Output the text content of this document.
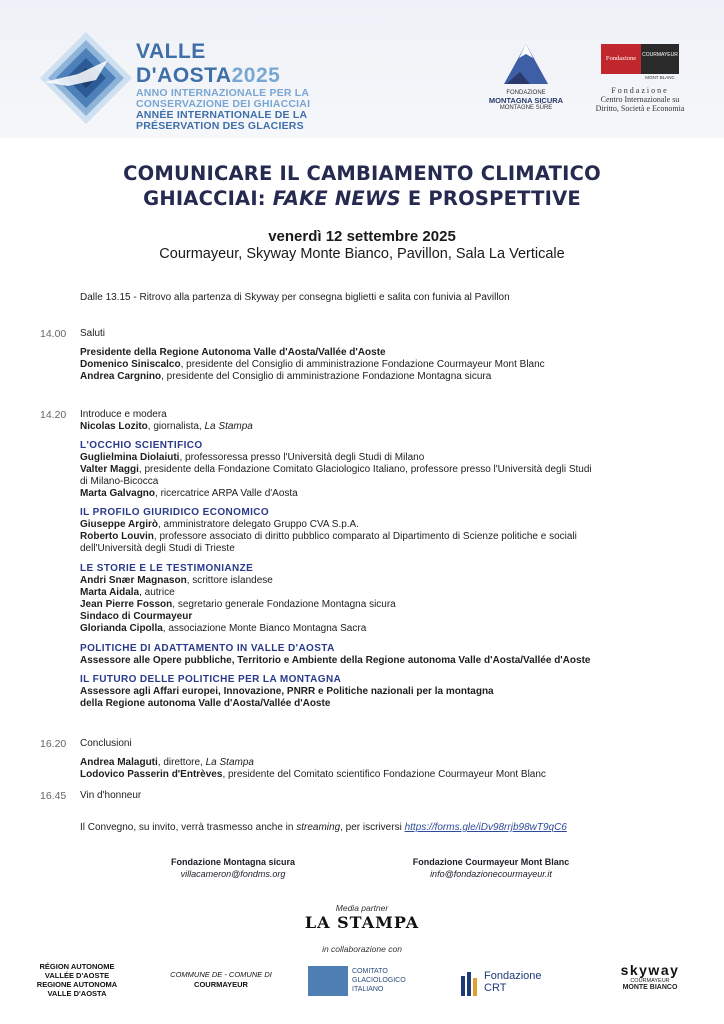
VALLE D'AOSTA2025
ANNO INTERNAZIONALE PER LA
CONSERVAZIONE DEI GHIACCIAI
ANNÉE INTERNATIONALE DE LA
PRÉSERVATION DES GLACIERS
FONDAZIONE
MONTAGNA SICURA
MONTAGNE SÛRE
Fondazione	COURMAYEUR
MONT BLANC
Fondazione
Centro Internazionale su
Diritto, Società e Economia
COMUNICARE IL CAMBIAMENTO CLIMATICO
GHIACCIAI: FAKE NEWS E PROSPETTIVE
venerdì 12 settembre 2025
Courmayeur, Skyway Monte Bianco, Pavillon, Sala La Verticale
Dalle 13.15 - Ritrovo alla partenza di Skyway per consegna biglietti e salita con funivia al Pavillon
14.00 Saluti
Presidente della Regione Autonoma Valle d'Aosta/Vallée d'Aoste
Domenico Siniscalco, presidente del Consiglio di amministrazione Fondazione Courmayeur Mont Blanc
Andrea Cargnino, presidente del Consiglio di amministrazione Fondazione Montagna sicura
14.20 Introduce e modera
Nicolas Lozito, giornalista, La Stampa
L'OCCHIO SCIENTIFICO
Guglielmina Diolaiuti, professoressa presso l'Università degli Studi di Milano
Valter Maggi, presidente della Fondazione Comitato Glaciologico Italiano, professore presso l'Università degli Studi
di Milano-Bicocca
Marta Galvagno, ricercatrice ARPA Valle d'Aosta
IL PROFILO GIURIDICO ECONOMICO
Giuseppe Argirò, amministratore delegato Gruppo CVA S.p.A.
Roberto Louvin, professore associato di diritto pubblico comparato al Dipartimento di Scienze politiche e sociali
dell'Università degli Studi di Trieste
LE STORIE E LE TESTIMONIANZE
Andri Snær Magnason, scrittore islandese
Marta Aidala, autrice
Jean Pierre Fosson, segretario generale Fondazione Montagna sicura
Sindaco di Courmayeur
Glorianda Cipolla, associazione Monte Bianco Montagna Sacra
POLITICHE DI ADATTAMENTO IN VALLE D'AOSTA
Assessore alle Opere pubbliche, Territorio e Ambiente della Regione autonoma Valle d'Aosta/Vallée d'Aoste
IL FUTURO DELLE POLITICHE PER LA MONTAGNA
Assessore agli Affari europei, Innovazione, PNRR e Politiche nazionali per la montagna
della Regione autonoma Valle d'Aosta/Vallée d'Aoste
16.20 Conclusioni
Andrea Malaguti, direttore, La Stampa
Lodovico Passerin d'Entrèves, presidente del Comitato scientifico Fondazione Courmayeur Mont Blanc
16.45 Vin d'honneur
Il Convegno, su invito, verrà trasmesso anche in streaming, per iscriversi https://forms.gle/iDv98rrjb98wT9qC6
Fondazione Montagna sicura
villacameron@fondms.org
Fondazione Courmayeur Mont Blanc
info@fondazionecourmayeur.it
Media partner
LA STAMPA
in collaborazione con
RÉGION AUTONOME
VALLÉE D'AOSTE
REGIONE AUTONOMA
VALLE D'AOSTA
COMMUNE DE - COMUNE DI
COURMAYEUR
COMITATO
GLACIOLOGICO
ITALIANO
Fondazione
CRT
skyway
COURMAYEUR
MONTE BIANCO
